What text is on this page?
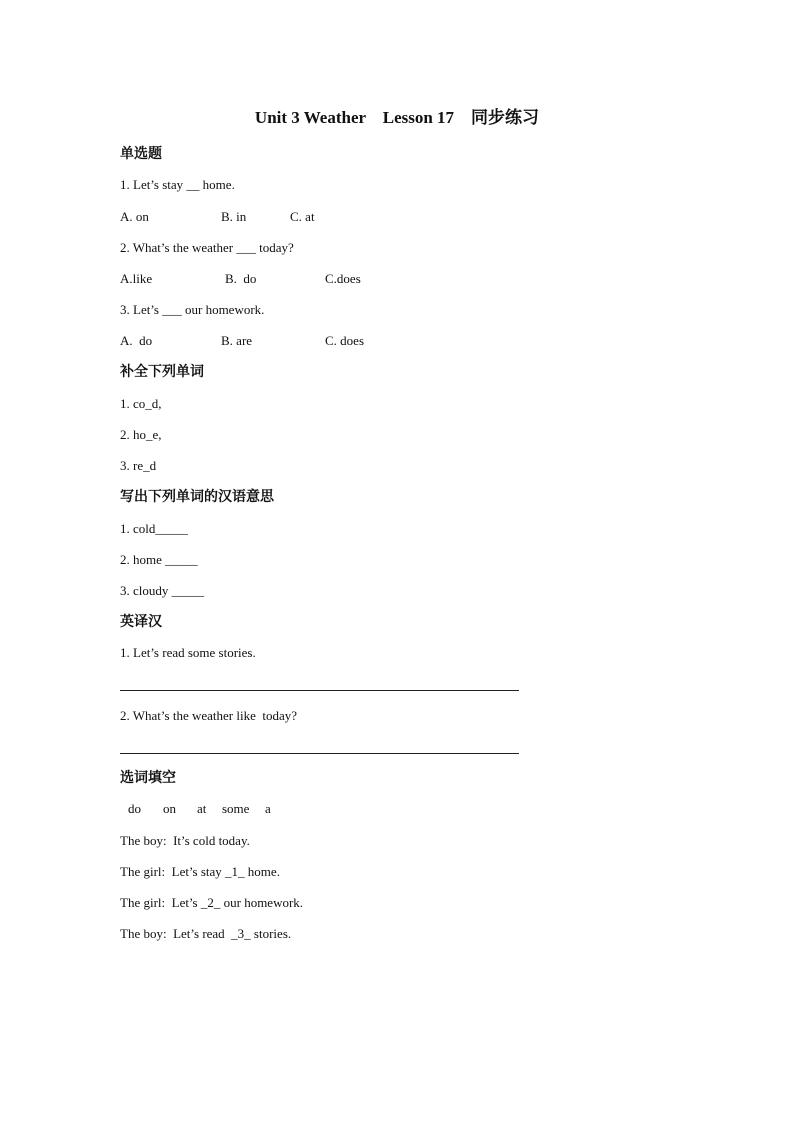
Unit 3 Weather    Lesson 17    同步练习
单选题
1. Let’s stay __ home.
A. on	B. in	C. at
2. What’s the weather ___ today?
A.like	B.  do	C.does
3. Let’s ___ our homework.
A.  do	B. are	C. does
补全下列单词
1. co_d,
2. ho_e,
3. re_d
写出下列单词的汉语意思
1. cold_____
2. home _____
3. cloudy _____
英译汉
1. Let’s read some stories.
2. What’s the weather like  today?
选词填空
do on at some a
The boy:  It’s cold today.
The girl:  Let’s stay _1_ home.
The girl:  Let’s _2_ our homework.
The boy:  Let’s read  _3_ stories.
